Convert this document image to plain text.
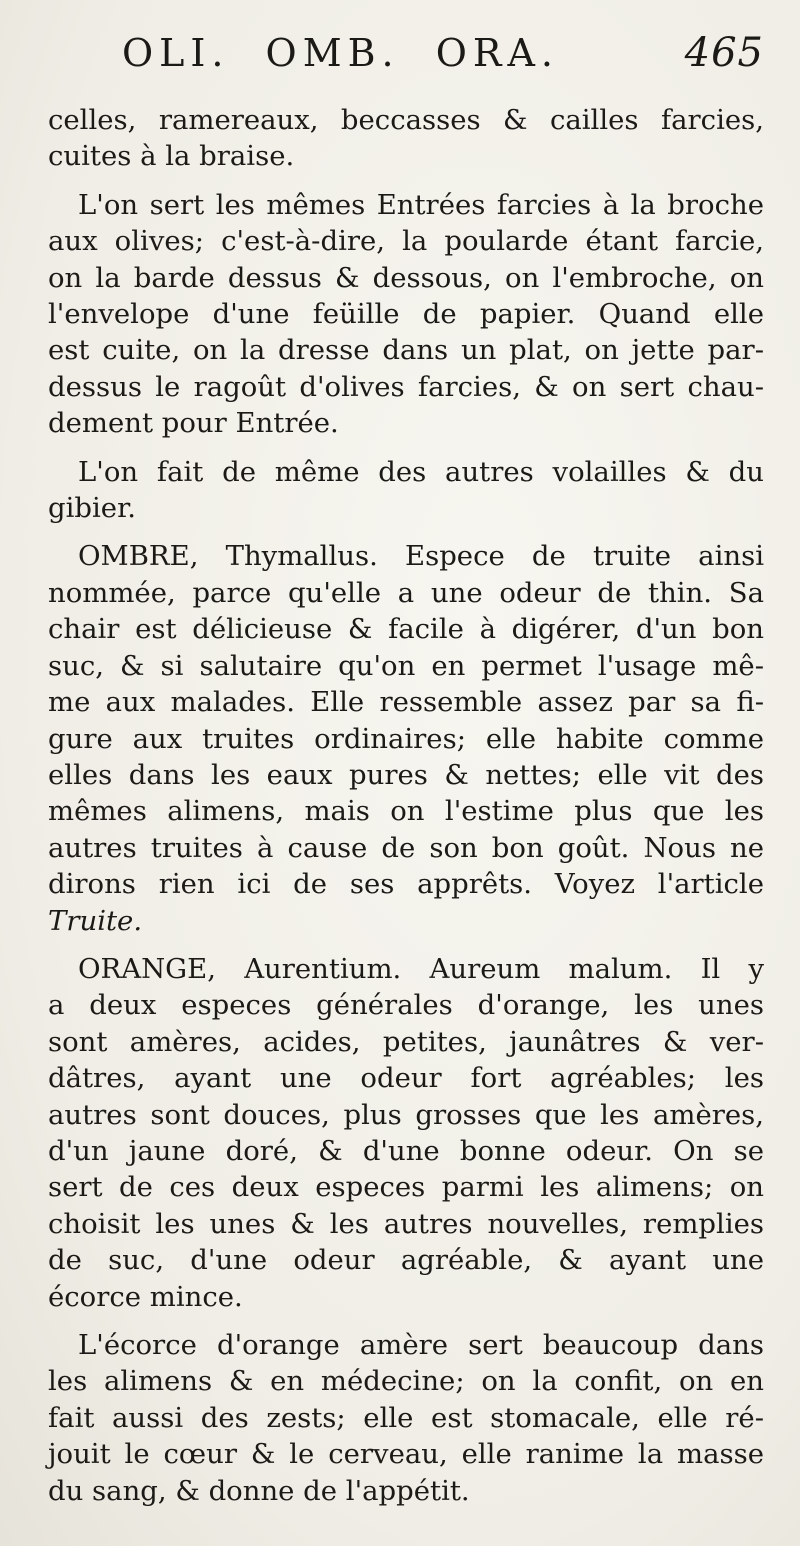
OLI. OMB. ORA.	465

celles, ramereaux, beccasses & cailles farcies,
cuites à la braise.

L'on sert les mêmes Entrées farcies à la broche
aux olives; c'est-à-dire, la poularde étant farcie,
on la barde dessus & dessous, on l'embroche, on
l'envelope d'une feüille de papier. Quand elle
est cuite, on la dresse dans un plat, on jette par-
dessus le ragoût d'olives farcies, & on sert chau-
dement pour Entrée.

L'on fait de même des autres volailles & du
gibier.

OMBRE, Thymallus. Espece de truite ainsi
nommée, parce qu'elle a une odeur de thin. Sa
chair est délicieuse & facile à digérer, d'un bon
suc, & si salutaire qu'on en permet l'usage mê-
me aux malades. Elle ressemble assez par sa fi-
gure aux truites ordinaires; elle habite comme
elles dans les eaux pures & nettes; elle vit des
mêmes alimens, mais on l'estime plus que les
autres truites à cause de son bon goût. Nous ne
dirons rien ici de ses apprêts. Voyez l'article
Truite.

ORANGE, Aurentium. Aureum malum. Il y
a deux especes générales d'orange, les unes
sont amères, acides, petites, jaunâtres & ver-
dâtres, ayant une odeur fort agréables; les
autres sont douces, plus grosses que les amères,
d'un jaune doré, & d'une bonne odeur. On se
sert de ces deux especes parmi les alimens; on
choisit les unes & les autres nouvelles, remplies
de suc, d'une odeur agréable, & ayant une
écorce mince.

L'écorce d'orange amère sert beaucoup dans
les alimens & en médecine; on la confit, on en
fait aussi des zests; elle est stomacale, elle ré-
jouit le cœur & le cerveau, elle ranime la masse
du sang, & donne de l'appétit.
